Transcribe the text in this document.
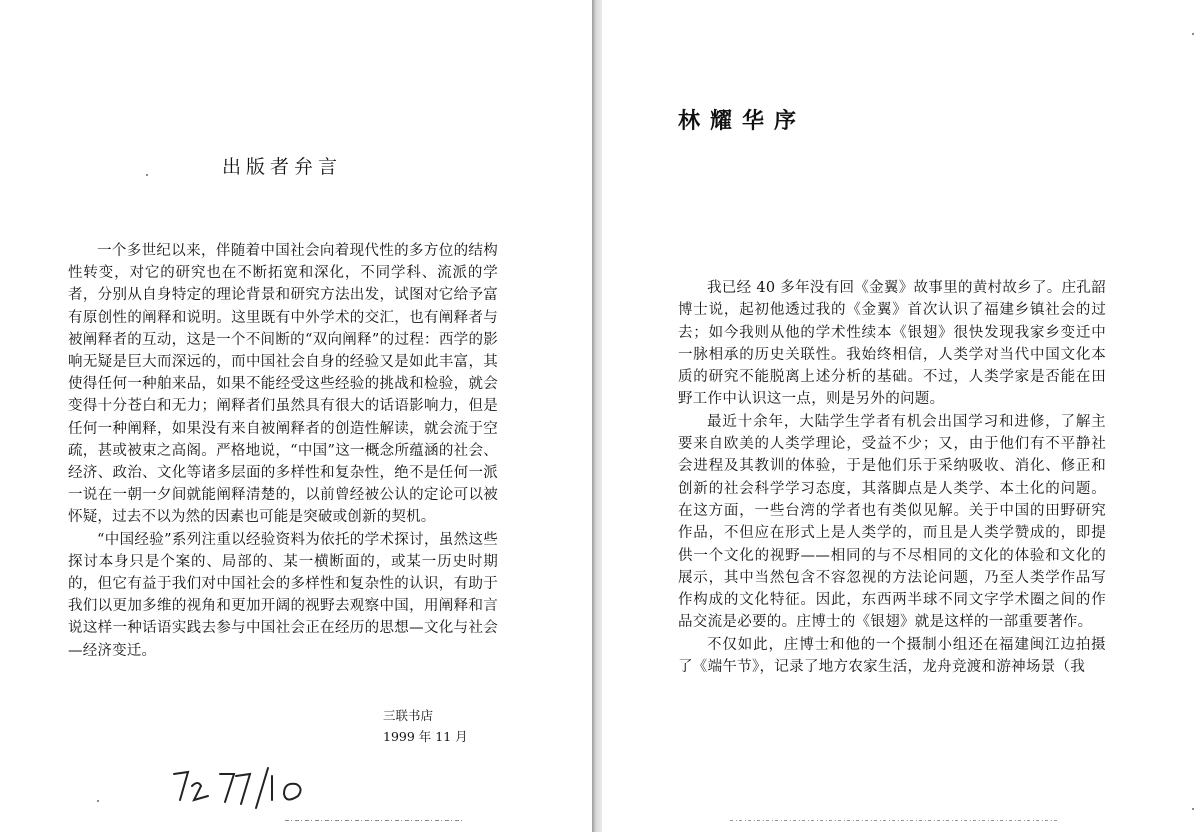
出版者弁言

一个多世纪以来，伴随着中国社会向着现代性的多方位的结构性转变，对它的研究也在不断拓宽和深化，不同学科、流派的学者，分别从自身特定的理论背景和研究方法出发，试图对它给予富有原创性的阐释和说明。这里既有中外学术的交汇，也有阐释者与被阐释者的互动，这是一个不间断的“双向阐释”的过程：西学的影响无疑是巨大而深远的，而中国社会自身的经验又是如此丰富，其使得任何一种舶来品，如果不能经受这些经验的挑战和检验，就会变得十分苍白和无力；阐释者们虽然具有很大的话语影响力，但是任何一种阐释，如果没有来自被阐释者的创造性解读，就会流于空疏，甚或被束之高阁。严格地说，“中国”这一概念所蕴涵的社会、经济、政治、文化等诸多层面的多样性和复杂性，绝不是任何一派一说在一朝一夕间就能阐释清楚的，以前曾经被公认的定论可以被怀疑，过去不以为然的因素也可能是突破或创新的契机。

“中国经验”系列注重以经验资料为依托的学术探讨，虽然这些探讨本身只是个案的、局部的、某一横断面的，或某一历史时期的，但它有益于我们对中国社会的多样性和复杂性的认识，有助于我们以更加多维的视角和更加开阔的视野去观察中国，用阐释和言说这样一种话语实践去参与中国社会正在经历的思想—文化与社会—经济变迁。

三联书店
1999 年 11 月
林耀华序

我已经 40 多年没有回《金翼》故事里的黄村故乡了。庄孔韶博士说，起初他透过我的《金翼》首次认识了福建乡镇社会的过去；如今我则从他的学术性续本《银翅》很快发现我家乡变迁中一脉相承的历史关联性。我始终相信，人类学对当代中国文化本质的研究不能脱离上述分析的基础。不过，人类学家是否能在田野工作中认识这一点，则是另外的问题。

最近十余年，大陆学生学者有机会出国学习和进修，了解主要来自欧美的人类学理论，受益不少；又，由于他们有不平静社会进程及其教训的体验，于是他们乐于采纳吸收、消化、修正和创新的社会科学学习态度，其落脚点是人类学、本土化的问题。在这方面，一些台湾的学者也有类似见解。关于中国的田野研究作品，不但应在形式上是人类学的，而且是人类学赞成的，即提供一个文化的视野——相同的与不尽相同的文化的体验和文化的展示，其中当然包含不容忽视的方法论问题，乃至人类学作品写作构成的文化特征。因此，东西两半球不同文字学术圈之间的作品交流是必要的。庄博士的《银翅》就是这样的一部重要著作。

不仅如此，庄博士和他的一个摄制小组还在福建闽江边拍摄了《端午节》，记录了地方农家生活，龙舟竞渡和游神场景（我
